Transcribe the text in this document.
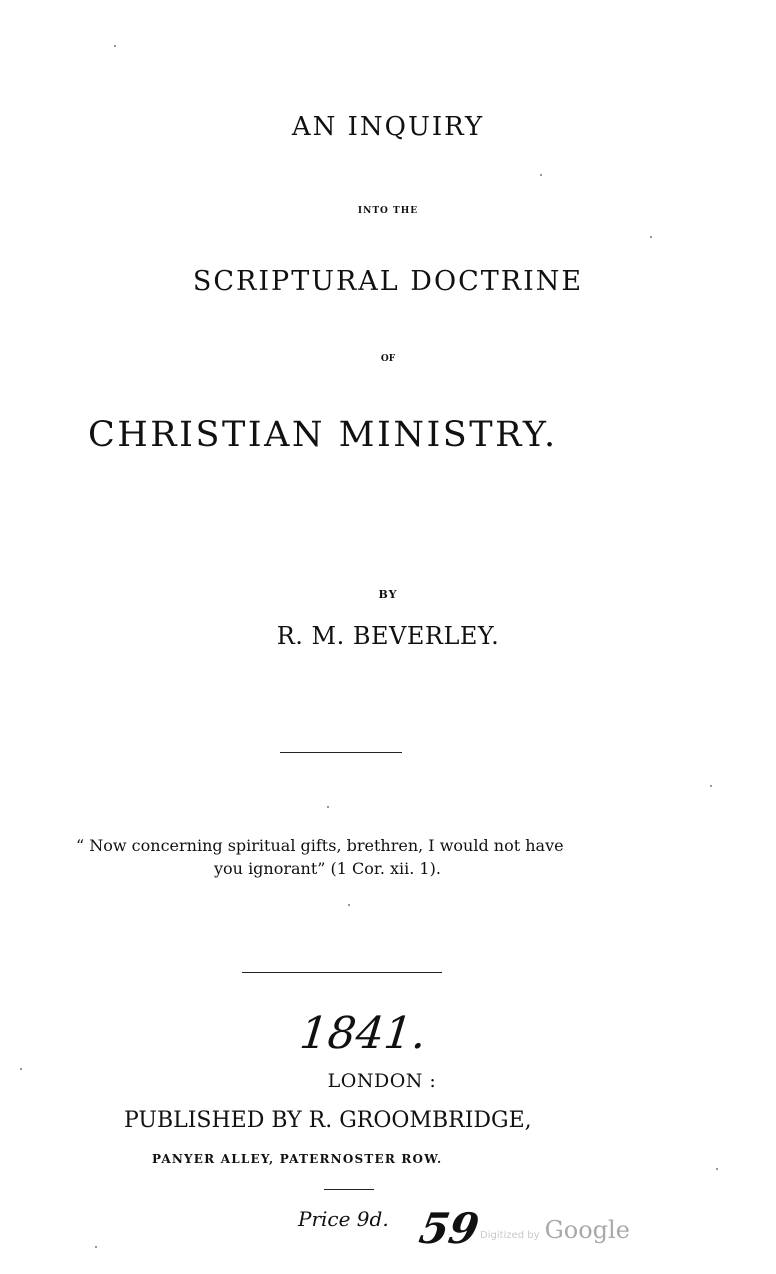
AN INQUIRY
INTO THE
SCRIPTURAL DOCTRINE
OF
CHRISTIAN MINISTRY.
BY
R. M. BEVERLEY.
“ Now concerning spiritual gifts, brethren, I would not have
you ignorant” (1 Cor. xii. 1).
1841.
LONDON :
PUBLISHED BY R. GROOMBRIDGE,
PANYER ALLEY, PATERNOSTER ROW.
Price 9d. 59
Digitized by Google
